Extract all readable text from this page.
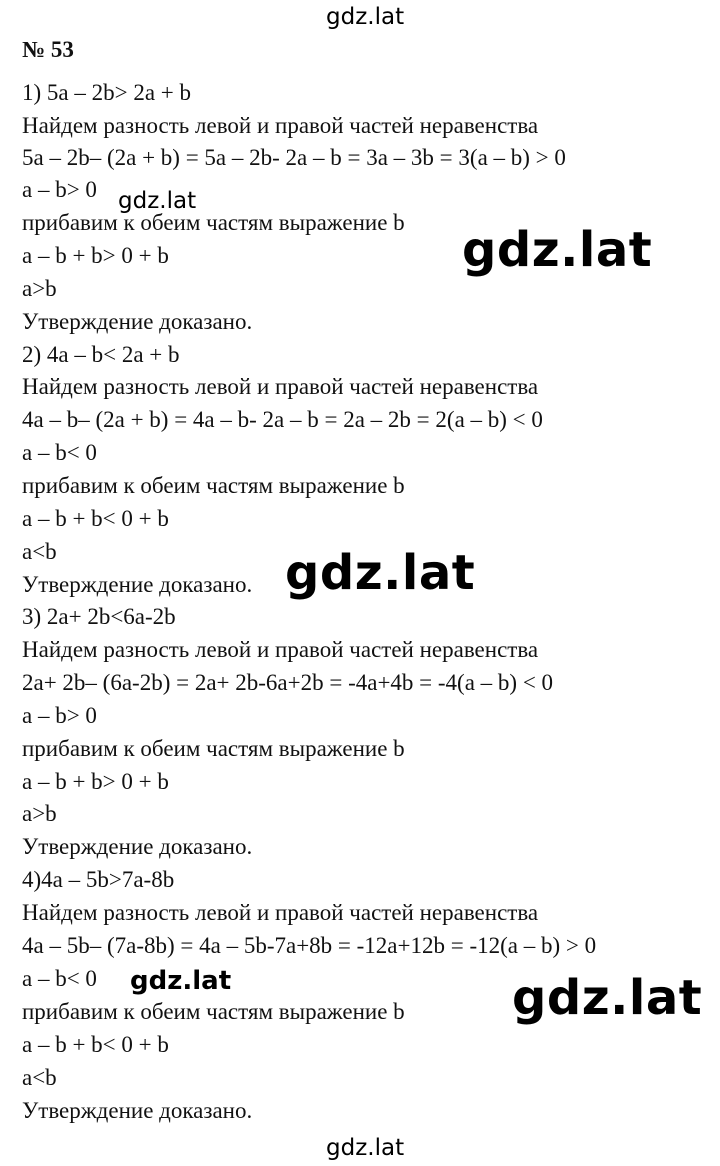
gdz.lat
gdz.lat
gdz.lat
gdz.lat
gdz.lat	gdz.lat
gdz.lat
№ 53
1) 5a – 2b> 2a + b
Найдем разность левой и правой частей неравенства
5a – 2b– (2a + b) = 5a – 2b- 2a – b = 3a – 3b = 3(a – b) > 0
a – b> 0
прибавим к обеим частям выражение b
a – b + b> 0 + b
a>b
Утверждение доказано.
2) 4a – b< 2a + b
Найдем разность левой и правой частей неравенства
4a – b– (2a + b) = 4a – b- 2a – b = 2a – 2b = 2(a – b) < 0
a – b< 0
прибавим к обеим частям выражение b
a – b + b< 0 + b
a<b
Утверждение доказано.
3) 2a+ 2b<6a-2b
Найдем разность левой и правой частей неравенства
2a+ 2b– (6a-2b) = 2a+ 2b-6a+2b = -4a+4b = -4(a – b) < 0
a – b> 0
прибавим к обеим частям выражение b
a – b + b> 0 + b
a>b
Утверждение доказано.
4)4a – 5b>7a-8b
Найдем разность левой и правой частей неравенства
4a – 5b– (7a-8b) = 4a – 5b-7a+8b = -12a+12b = -12(a – b) > 0
a – b< 0
прибавим к обеим частям выражение b
a – b + b< 0 + b
a<b
Утверждение доказано.
